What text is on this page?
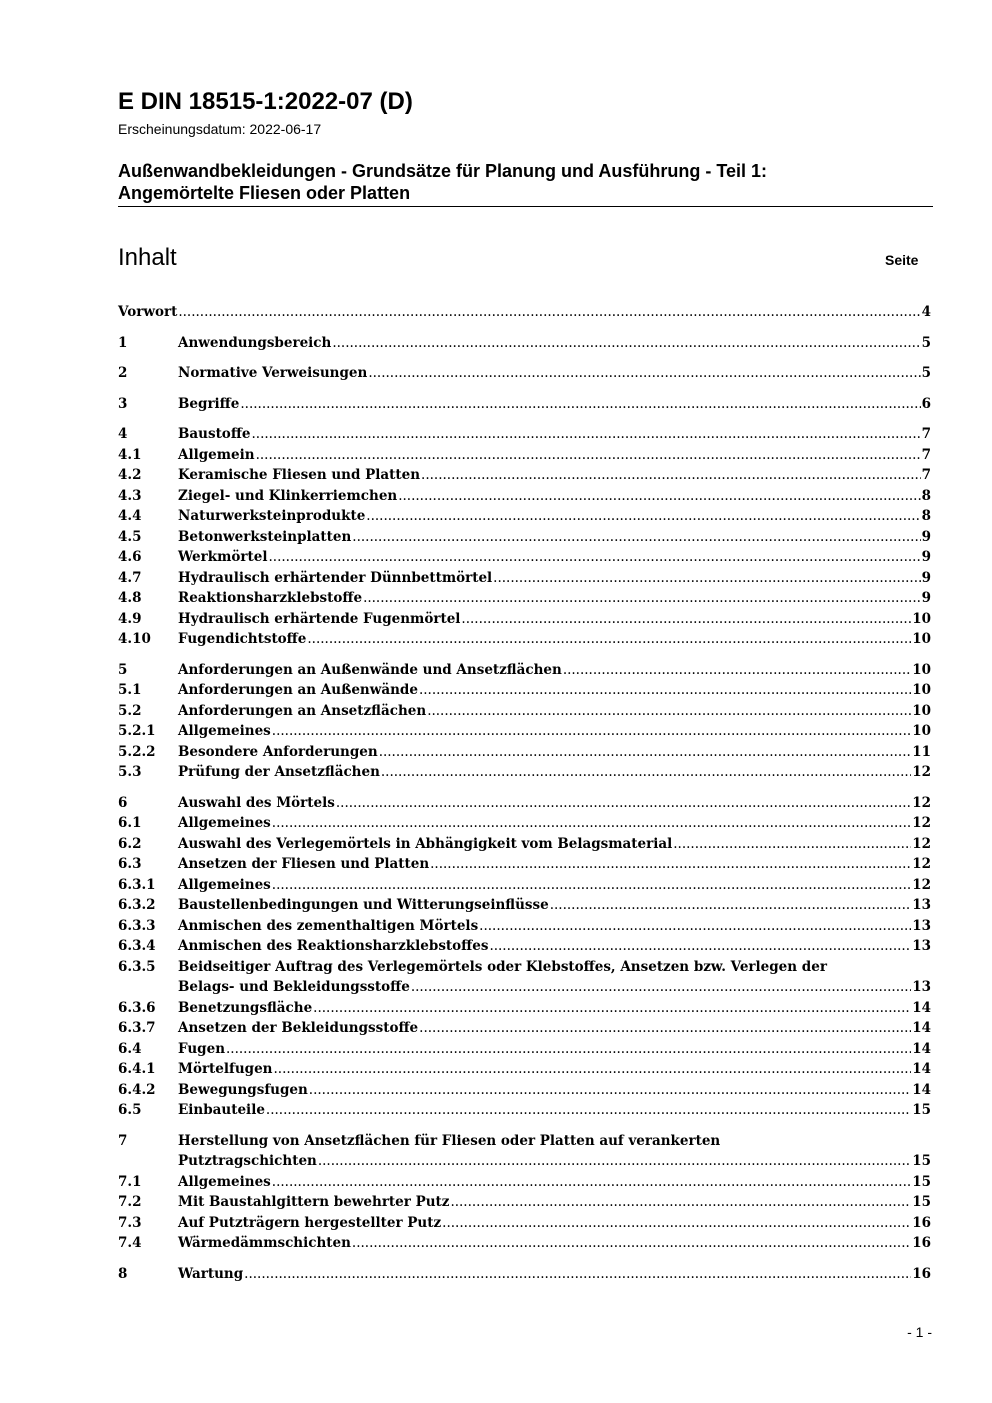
E DIN 18515-1:2022-07 (D)
Erscheinungsdatum: 2022-06-17
Außenwandbekleidungen - Grundsätze für Planung und Ausführung - Teil 1:
Angemörtelte Fliesen oder Platten
Inhalt	Seite
Vorwort .....	4
1	Anwendungsbereich .....	5
2	Normative Verweisungen .....	5
3	Begriffe .....	6
4	Baustoffe .....	7
4.1	Allgemein .....	7
4.2	Keramische Fliesen und Platten .....	7
4.3	Ziegel- und Klinkerriemchen .....	8
4.4	Naturwerksteinprodukte .....	8
4.5	Betonwerksteinplatten .....	9
4.6	Werkmörtel .....	9
4.7	Hydraulisch erhärtender Dünnbettmörtel .....	9
4.8	Reaktionsharzklebstoffe .....	9
4.9	Hydraulisch erhärtende Fugenmörtel .....	10
4.10	Fugendichtstoffe .....	10
5	Anforderungen an Außenwände und Ansetzflächen .....	10
5.1	Anforderungen an Außenwände .....	10
5.2	Anforderungen an Ansetzflächen .....	10
5.2.1	Allgemeines .....	10
5.2.2	Besondere Anforderungen .....	11
5.3	Prüfung der Ansetzflächen .....	12
6	Auswahl des Mörtels .....	12
6.1	Allgemeines .....	12
6.2	Auswahl des Verlegemörtels in Abhängigkeit vom Belagsmaterial .....	12
6.3	Ansetzen der Fliesen und Platten .....	12
6.3.1	Allgemeines .....	12
6.3.2	Baustellenbedingungen und Witterungseinflüsse .....	13
6.3.3	Anmischen des zementhaltigen Mörtels .....	13
6.3.4	Anmischen des Reaktionsharzklebstoffes .....	13
6.3.5	Beidseitiger Auftrag des Verlegemörtels oder Klebstoffes, Ansetzen bzw. Verlegen der
Belags- und Bekleidungsstoffe .....	13
6.3.6	Benetzungsfläche .....	14
6.3.7	Ansetzen der Bekleidungsstoffe .....	14
6.4	Fugen .....	14
6.4.1	Mörtelfugen .....	14
6.4.2	Bewegungsfugen .....	14
6.5	Einbauteile .....	15
7	Herstellung von Ansetzflächen für Fliesen oder Platten auf verankerten
Putztragschichten .....	15
7.1	Allgemeines .....	15
7.2	Mit Baustahlgittern bewehrter Putz .....	15
7.3	Auf Putzträgern hergestellter Putz .....	16
7.4	Wärmedämmschichten .....	16
8	Wartung .....	16
- 1 -
